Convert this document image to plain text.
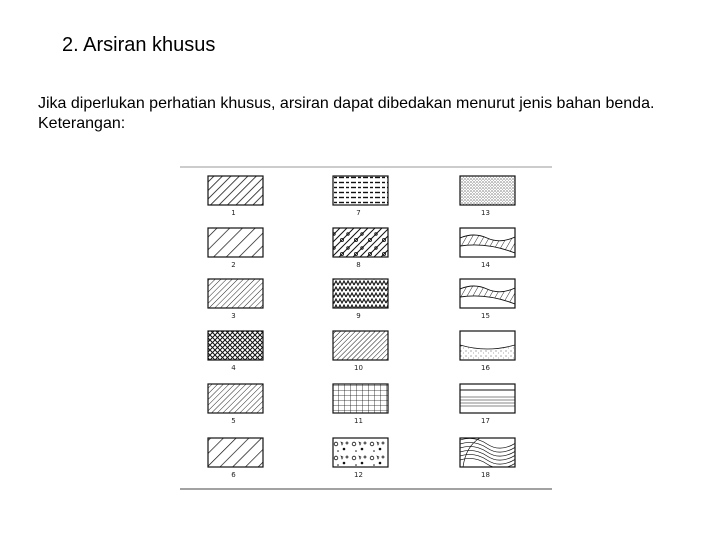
2. Arsiran khusus

Jika diperlukan perhatian khusus, arsiran dapat dibedakan menurut jenis bahan benda.

Keterangan:

1
2
3
4
5
6
7
8
9
10
11
12
13
14
15
16
17
18
